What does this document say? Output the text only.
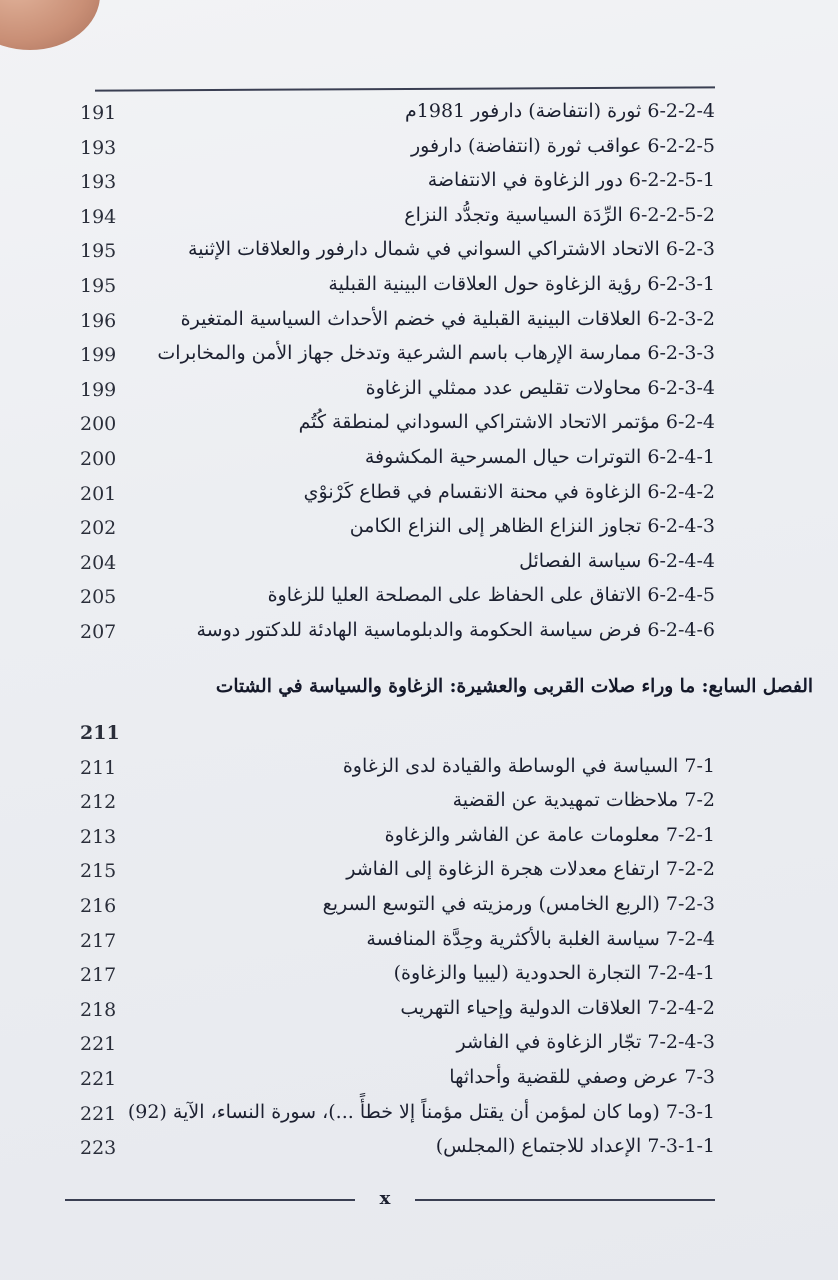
191	6-2-2-4 ثورة (انتفاضة) دارفور 1981م
193	6-2-2-5 عواقب ثورة (انتفاضة) دارفور
193	6-2-2-5-1 دور الزغاوة في الانتفاضة
194	6-2-2-5-2 الرِّدَة السياسية وتجدُّد النزاع
195	6-2-3 الاتحاد الاشتراكي السواني في شمال دارفور والعلاقات الإثنية
195	6-2-3-1 رؤية الزغاوة حول العلاقات البينية القبلية
196	6-2-3-2 العلاقات البينية القبلية في خضم الأحداث السياسية المتغيرة
199	6-2-3-3 ممارسة الإرهاب باسم الشرعية وتدخل جهاز الأمن والمخابرات
199	6-2-3-4 محاولات تقليص عدد ممثلي الزغاوة
200	6-2-4 مؤتمر الاتحاد الاشتراكي السوداني لمنطقة كُتُم
200	6-2-4-1 التوترات حيال المسرحية المكشوفة
201	6-2-4-2 الزغاوة في محنة الانقسام في قطاع كَرْنوْي
202	6-2-4-3 تجاوز النزاع الظاهر إلى النزاع الكامن
204	6-2-4-4 سياسة الفصائل
205	6-2-4-5 الاتفاق على الحفاظ على المصلحة العليا للزغاوة
207	6-2-4-6 فرض سياسة الحكومة والدبلوماسية الهادئة للدكتور دوسة
الفصل السابع: ما وراء صلات القربى والعشيرة: الزغاوة والسياسة في الشتات
211
211	7-1 السياسة في الوساطة والقيادة لدى الزغاوة
212	7-2 ملاحظات تمهيدية عن القضية
213	7-2-1 معلومات عامة عن الفاشر والزغاوة
215	7-2-2 ارتفاع معدلات هجرة الزغاوة إلى الفاشر
216	7-2-3 (الربع الخامس) ورمزيته في التوسع السريع
217	7-2-4 سياسة الغلبة بالأكثرية وحِدَّة المنافسة
217	7-2-4-1 التجارة الحدودية (ليبيا والزغاوة)
218	7-2-4-2 العلاقات الدولية وإحياء التهريب
221	7-2-4-3 تجّار الزغاوة في الفاشر
221	7-3 عرض وصفي للقضية وأحداثها
221 7-3-1 (وما كان لمؤمن أن يقتل مؤمناً إلا خطأً ...)، سورة النساء، الآية (92)
223	7-3-1-1 الإعداد للاجتماع (المجلس)
x
